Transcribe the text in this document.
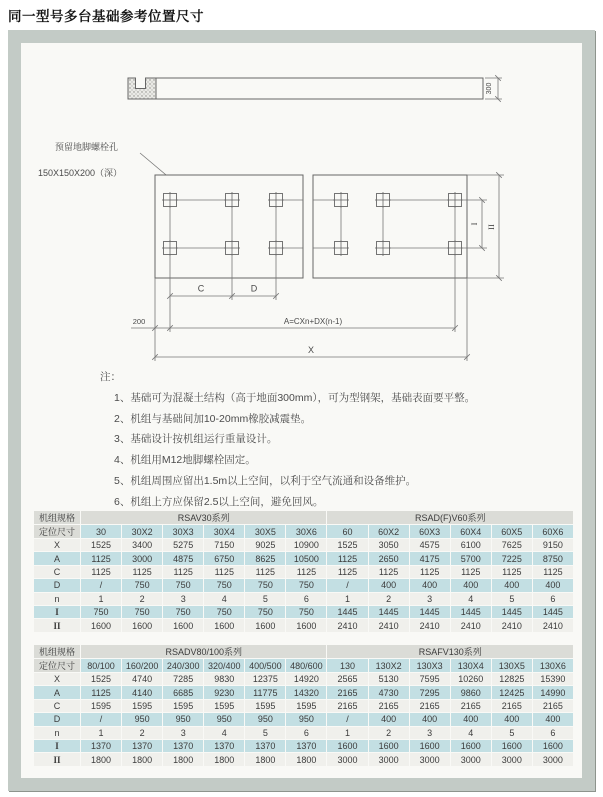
同一型号多台基础参考位置尺寸
300
预留地脚螺栓孔
150X150X200（深）
I
II
C	D
200	A=CXn+DX(n-1)
X
注：
1、基础可为混凝土结构（高于地面300mm），可为型钢架，基础表面要平整。
2、机组与基础间加10-20mm橡胶减震垫。
3、基础设计按机组运行重量设计。
4、机组用M12地脚螺栓固定。
5、机组周围应留出1.5m以上空间，以利于空气流通和设备维护。
6、机组上方应保留2.5以上空间，避免回风。
机组规格	RSAV30系列						RSAD(F)V60系列					
定位尺寸	30	30X2	30X3	30X4	30X5	30X6	60	60X2	60X3	60X4	60X5	60X6
X	1525	3400	5275	7150	9025	10900	1525	3050	4575	6100	7625	9150
A	1125	3000	4875	6750	8625	10500	1125	2650	4175	5700	7225	8750
C	1125	1125	1125	1125	1125	1125	1125	1125	1125	1125	1125	1125
D	/	750	750	750	750	750	/	400	400	400	400	400
n	1	2	3	4	5	6	1	2	3	4	5	6
I	750	750	750	750	750	750	1445	1445	1445	1445	1445	1445
II	1600	1600	1600	1600	1600	1600	2410	2410	2410	2410	2410	2410
机组规格	RSADV80/100系列						RSAFV130系列					
定位尺寸	80/100	160/200	240/300	320/400	400/500	480/600	130	130X2	130X3	130X4	130X5	130X6
X	1525	4740	7285	9830	12375	14920	2565	5130	7595	10260	12825	15390
A	1125	4140	6685	9230	11775	14320	2165	4730	7295	9860	12425	14990
C	1595	1595	1595	1595	1595	1595	2165	2165	2165	2165	2165	2165
D	/	950	950	950	950	950	/	400	400	400	400	400
n	1	2	3	4	5	6	1	2	3	4	5	6
I	1370	1370	1370	1370	1370	1370	1600	1600	1600	1600	1600	1600
II	1800	1800	1800	1800	1800	1800	3000	3000	3000	3000	3000	3000
